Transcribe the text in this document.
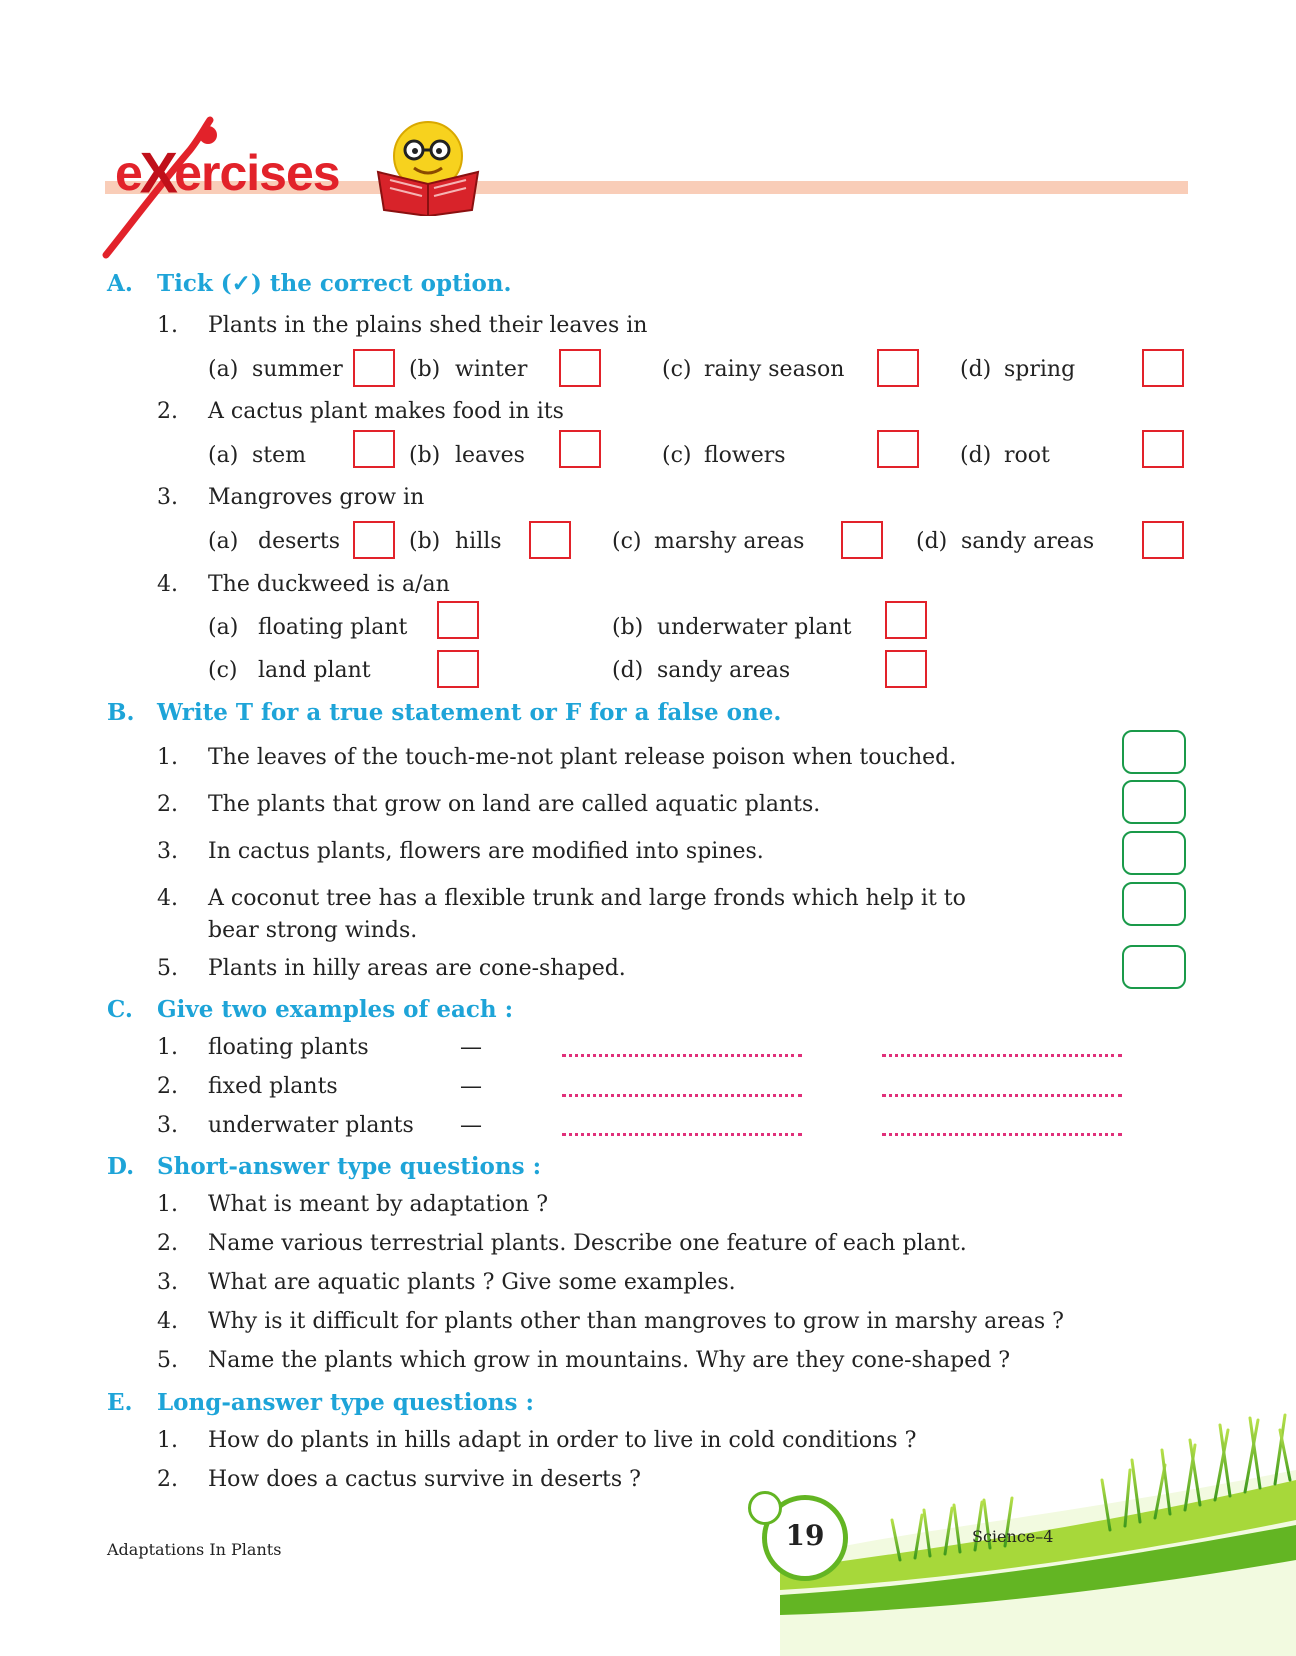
eXercises
A. Tick (✓) the correct option.
1. Plants in the plains shed their leaves in
(a) summer	(b) winter	(c) rainy season	(d) spring
2. A cactus plant makes food in its
(a) stem	(b) leaves	(c) flowers	(d) root
3. Mangroves grow in
(a) deserts	(b) hills	(c) marshy areas	(d) sandy areas
4. The duckweed is a/an
(a) floating plant	(b) underwater plant
(c) land plant	(d) sandy areas
B. Write T for a true statement or F for a false one.
1. The leaves of the touch-me-not plant release poison when touched.
2. The plants that grow on land are called aquatic plants.
3. In cactus plants, flowers are modified into spines.
4. A coconut tree has a flexible trunk and large fronds which help it to
bear strong winds.
5. Plants in hilly areas are cone-shaped.
C. Give two examples of each :
1. floating plants	—
2. fixed plants	—
3. underwater plants —
D. Short-answer type questions :
1. What is meant by adaptation ?
2. Name various terrestrial plants. Describe one feature of each plant.
3. What are aquatic plants ? Give some examples.
4. Why is it difficult for plants other than mangroves to grow in marshy areas ?
5. Name the plants which grow in mountains. Why are they cone-shaped ?
E. Long-answer type questions :
1. How do plants in hills adapt in order to live in cold conditions ?
2. How does a cactus survive in deserts ?
19
Adaptations In Plants
Science–4
